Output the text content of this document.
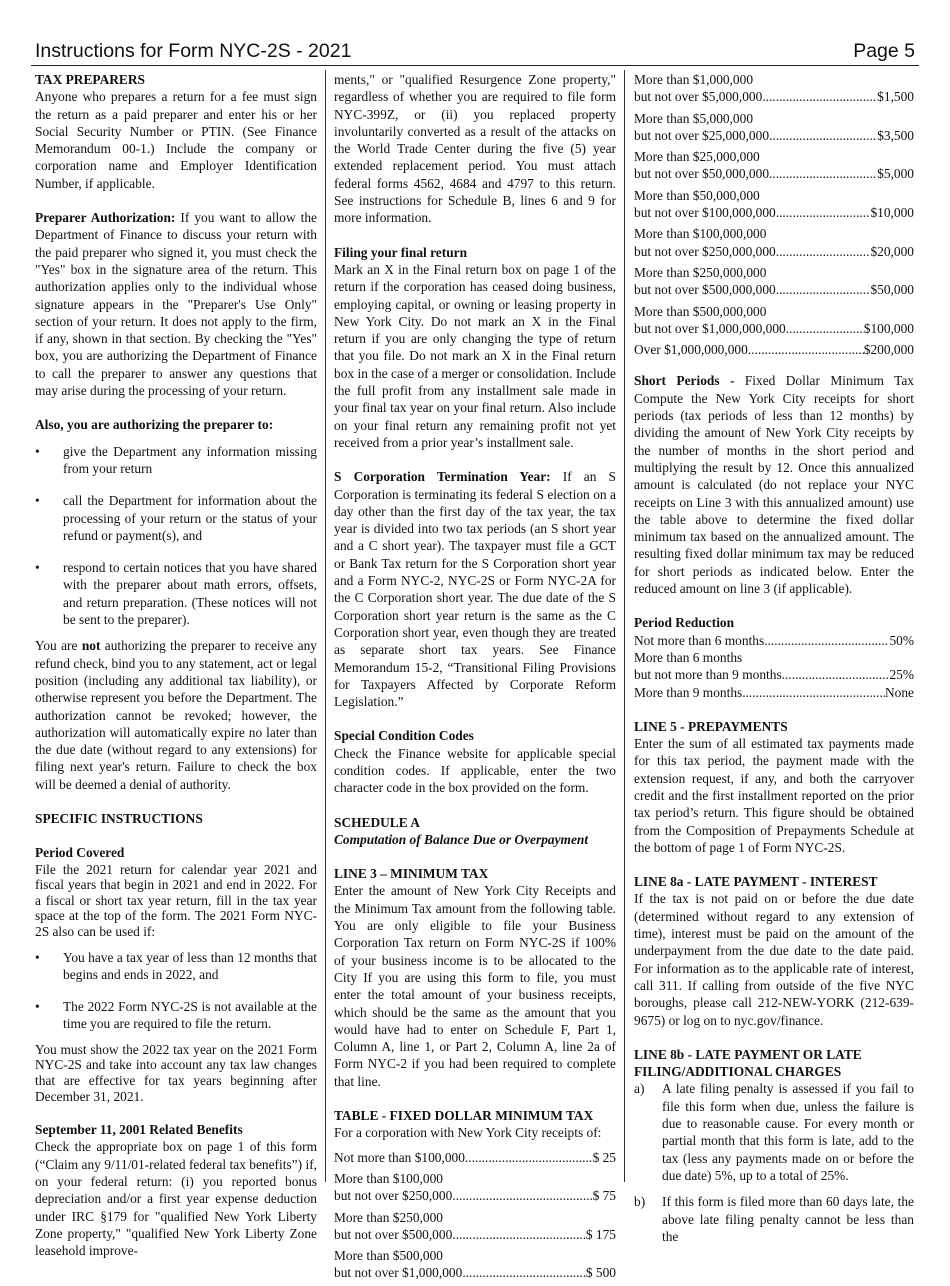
Instructions for Form NYC-2S - 2021	Page 5

TAX PREPARERS

Anyone who prepares a return for a fee must sign the return as a paid preparer and enter his or her Social Security Number or PTIN. (See Finance Memorandum 00-1.) Include the company or corporation name and Employer Identification Number, if applicable.

Preparer Authorization: If you want to allow the Department of Finance to discuss your return with the paid preparer who signed it, you must check the "Yes" box in the signature area of the return. This authorization applies only to the individual whose signature appears in the "Preparer's Use Only" section of your return. It does not apply to the firm, if any, shown in that section. By checking the "Yes" box, you are authorizing the Department of Finance to call the preparer to answer any questions that may arise during the processing of your return.

Also, you are authorizing the preparer to:

• give the Department any information missing from your return
• call the Department for information about the processing of your return or the status of your refund or payment(s), and
• respond to certain notices that you have shared with the preparer about math errors, offsets, and return preparation. (These notices will not be sent to the preparer).

You are not authorizing the preparer to receive any refund check, bind you to any statement, act or legal position (including any additional tax liability), or otherwise represent you before the Department. The authorization cannot be revoked; however, the authorization will automatically expire no later than the due date (without regard to any extensions) for filing next year's return. Failure to check the box will be deemed a denial of authority.

SPECIFIC INSTRUCTIONS

Period Covered

File the 2021 return for calendar year 2021 and fiscal years that begin in 2021 and end in 2022. For a fiscal or short tax year return, fill in the tax year space at the top of the form. The 2021 Form NYC-2S also can be used if:

• You have a tax year of less than 12 months that begins and ends in 2022, and
• The 2022 Form NYC-2S is not available at the time you are required to file the return.

You must show the 2022 tax year on the 2021 Form NYC-2S and take into account any tax law changes that are effective for tax years beginning after December 31, 2021.

September 11, 2001 Related Benefits

Check the appropriate box on page 1 of this form (“Claim any 9/11/01-related federal tax benefits”) if, on your federal return: (i) you reported bonus depreciation and/or a first year expense deduction under IRC §179 for "qualified New York Liberty Zone property," "qualified New York Liberty Zone leasehold improve-

ments," or "qualified Resurgence Zone property," regardless of whether you are required to file form NYC-399Z, or (ii) you replaced property involuntarily converted as a result of the attacks on the World Trade Center during the five (5) year extended replacement period. You must attach federal forms 4562, 4684 and 4797 to this return. See instructions for Schedule B, lines 6 and 9 for more information.

Filing your final return

Mark an X in the Final return box on page 1 of the return if the corporation has ceased doing business, employing capital, or owning or leasing property in New York City. Do not mark an X in the Final return if you are only changing the type of return that you file. Do not mark an X in the Final return box in the case of a merger or consolidation. Include the full profit from any installment sale made in your final tax year on your final return. Also include on your final return any remaining profit not yet received from a prior year’s installment sale.

S Corporation Termination Year: If an S Corporation is terminating its federal S election on a day other than the first day of the tax year, the tax year is divided into two tax periods (an S short year and a C short year). The taxpayer must file a GCT or Bank Tax return for the S Corporation short year and a Form NYC-2, NYC-2S or Form NYC-2A for the C Corporation short year. The due date of the S Corporation short year return is the same as the C Corporation short year, even though they are treated as separate short tax years. See Finance Memorandum 15-2, “Transitional Filing Provisions for Taxpayers Affected by Corporate Reform Legislation.”

Special Condition Codes

Check the Finance website for applicable special condition codes. If applicable, enter the two character code in the box provided on the form.

SCHEDULE A

Computation of Balance Due or Overpayment

LINE 3 – MINIMUM TAX

Enter the amount of New York City Receipts and the Minimum Tax amount from the following table. You are only eligible to file your Business Corporation Tax return on Form NYC-2S if 100% of your business income is to be allocated to the City If you are using this form to file, you must enter the total amount of your business receipts, which should be the same as the amount that you would have had to enter on Schedule F, Part 1, Column A, line 1, or Part 2, Column A, line 2a of Form NYC-2 if you had been required to complete that line.

TABLE - FIXED DOLLAR MINIMUM TAX

For a corporation with New York City receipts of:

Not more than $100,000 .....	$ 25
More than $100,000
but not over $250,000 .....	$ 75
More than $250,000
but not over $500,000 .....	$ 175
More than $500,000
but not over $1,000,000 .....	$ 500
More than $1,000,000
but not over $5,000,000 .....	$1,500
More than $5,000,000
but not over $25,000,000 .....	$3,500
More than $25,000,000
but not over $50,000,000 .....	$5,000
More than $50,000,000
but not over $100,000,000 .....	$10,000
More than $100,000,000
but not over $250,000,000 .....	$20,000
More than $250,000,000
but not over $500,000,000 .....	$50,000
More than $500,000,000
but not over $1,000,000,000 .....	$100,000
Over $1,000,000,000 .....	$200,000

Short Periods - Fixed Dollar Minimum Tax Compute the New York City receipts for short periods (tax periods of less than 12 months) by dividing the amount of New York City receipts by the number of months in the short period and multiplying the result by 12. Once this annualized amount is calculated (do not replace your NYC receipts on Line 3 with this annualized amount) use the table above to determine the fixed dollar minimum tax based on the annualized amount. The resulting fixed dollar minimum tax may be reduced for short periods as indicated below. Enter the reduced amount on line 3 (if applicable).

Period Reduction

Not more than 6 months .....	50%
More than 6 months
but not more than 9 months .....	25%
More than 9 months .....	None

LINE 5 - PREPAYMENTS

Enter the sum of all estimated tax payments made for this tax period, the payment made with the extension request, if any, and both the carryover credit and the first installment reported on the prior tax period’s return. This figure should be obtained from the Composition of Prepayments Schedule at the bottom of page 1 of Form NYC-2S.

LINE 8a - LATE PAYMENT - INTEREST

If the tax is not paid on or before the due date (determined without regard to any extension of time), interest must be paid on the amount of the underpayment from the due date to the date paid. For information as to the applicable rate of interest, call 311. If calling from outside of the five NYC boroughs, please call 212-NEW-YORK (212-639-9675) or log on to nyc.gov/finance.

LINE 8b - LATE PAYMENT OR LATE
FILING/ADDITIONAL CHARGES

a) A late filing penalty is assessed if you fail to file this form when due, unless the failure is due to reasonable cause. For every month or partial month that this form is late, add to the tax (less any payments made on or before the due date) 5%, up to a total of 25%.
b) If this form is filed more than 60 days late, the above late filing penalty cannot be less than the
